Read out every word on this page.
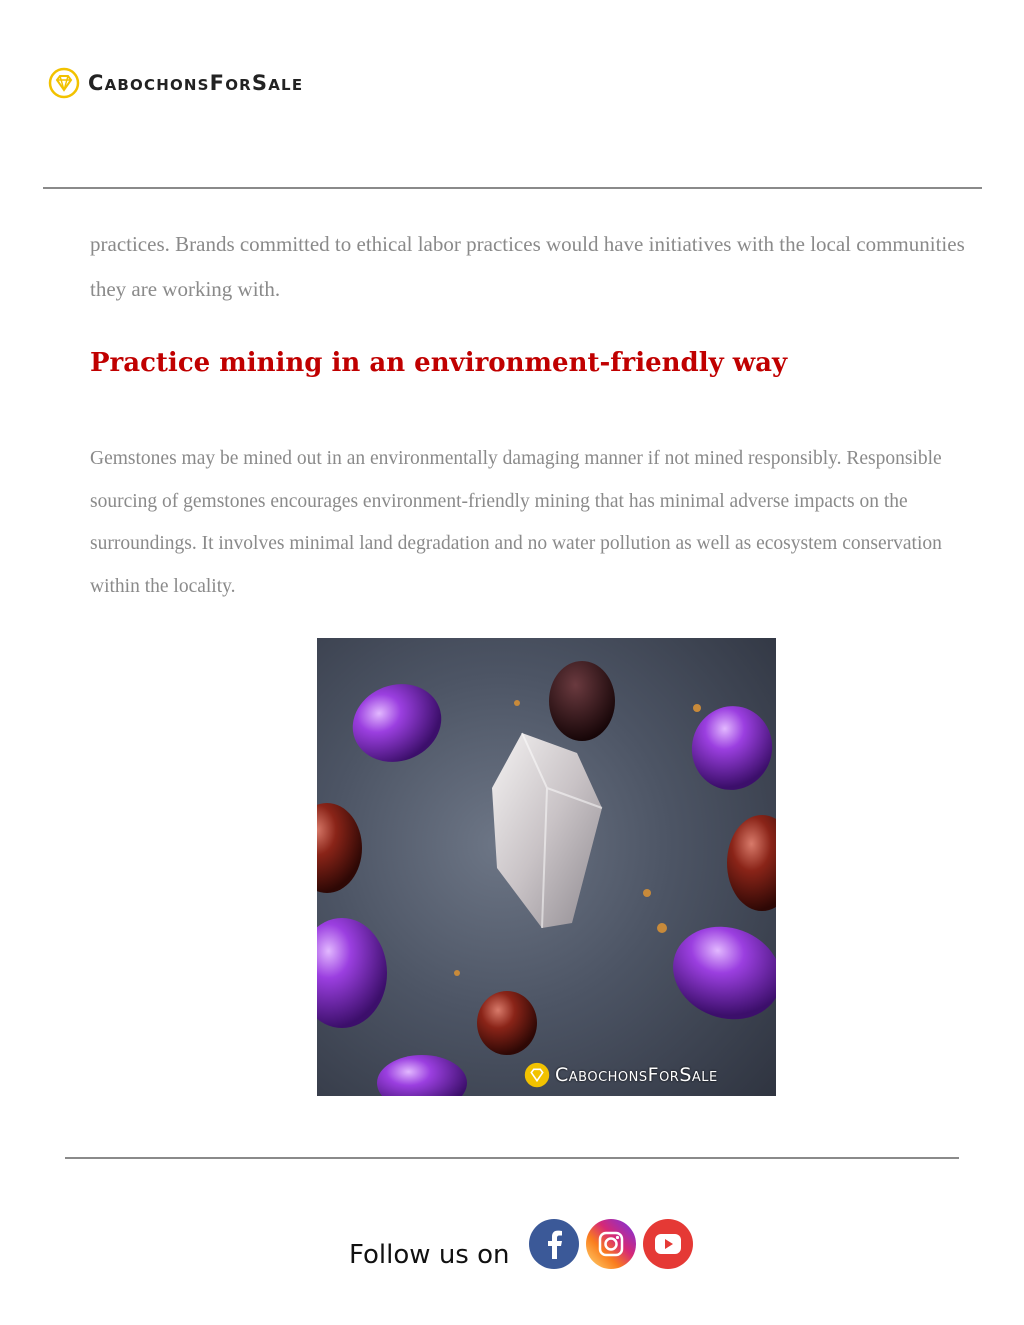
CabochonsForSale

practices. Brands committed to ethical labor practices would have initiatives with the local communities they are working with.

Practice mining in an environment-friendly way

Gemstones may be mined out in an environmentally damaging manner if not mined responsibly. Responsible sourcing of gemstones encourages environment-friendly mining that has minimal adverse impacts on the surroundings. It involves minimal land degradation and no water pollution as well as ecosystem conservation within the locality.

CabochonsForSale
Follow us on
